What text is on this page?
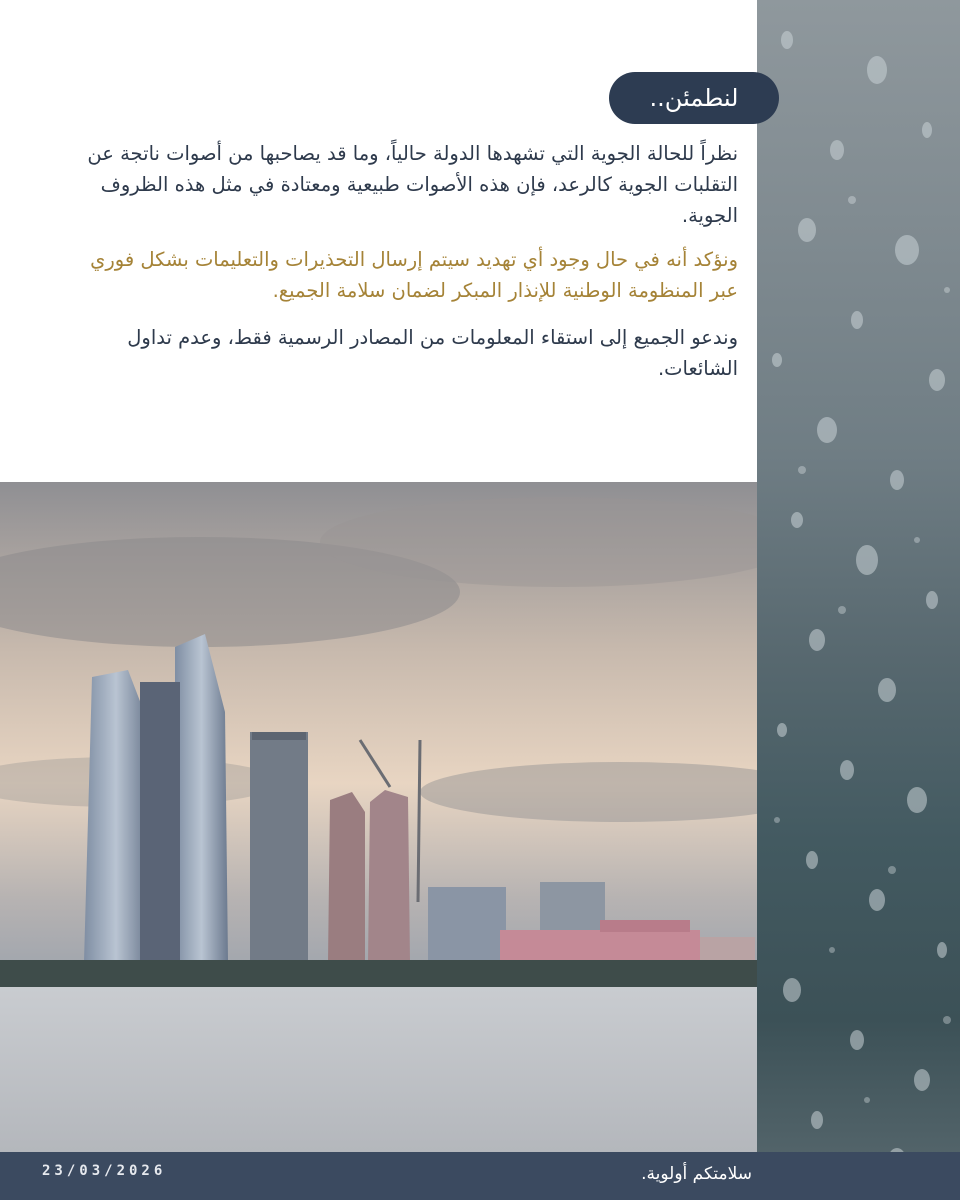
لنطمئن..

نظراً للحالة الجوية التي تشهدها الدولة حالياً، وما قد يصاحبها من أصوات ناتجة عن التقلبات الجوية كالرعد، فإن هذه الأصوات طبيعية ومعتادة في مثل هذه الظروف الجوية.

ونؤكد أنه في حال وجود أي تهديد سيتم إرسال التحذيرات والتعليمات بشكل فوري عبر المنظومة الوطنية للإنذار المبكر لضمان سلامة الجميع.

وندعو الجميع إلى استقاء المعلومات من المصادر الرسمية فقط، وعدم تداول الشائعات.

23/03/2026	سلامتكم أولوية.
